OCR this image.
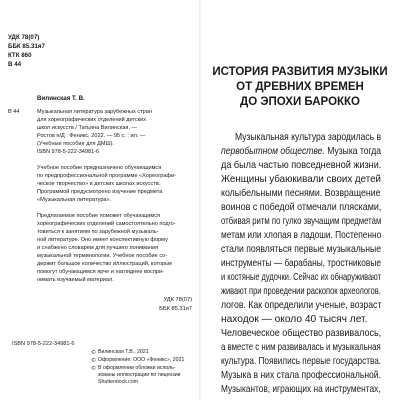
УДК 78(07)
ББК 85.31я7
КТК 860
В 44
Вилинская Т. В.
В 44	Музыкальная литература зарубежных стран
для хореографических отделений детских
школ искусств / Татьяна Вилинская. —
Ростов н/Д : Феникс, 2022. — 95 с. : ил. —
(Учебные пособия для ДМШ).
ISBN 978-5-222-34981-6
Учебное пособие предназначено обучающимся
по предпрофессиональной программе «Хореографи-
ческое творчество» в детских школах искусств.
Программой предусмотрено изучение предмета
«Музыкальная литература».
Предлагаемое пособие поможет обучающимся
хореографических отделений самостоятельно подго-
товиться к занятиям по зарубежной музыкаль-
ной литературе. Оно имеет конспективную форму
и снабжено словарем для лучшего понимания
музыкальной терминологии. Учебное пособие со-
держит большое количество иллюстраций, которые
помогут обучающимся ярче и нагляднее воспри-
нимать изучаемый материал.
УДК 78(07)
ББК 85.31я7
ISBN 978-5-222-34981-6
© Вилинская Т.В., 2021
© Оформление: ООО «Феникс», 2021
© В оформлении обложки исполь-
зованы иллюстрации по лицензии
Shutterstock.com
ИСТОРИЯ РАЗВИТИЯ МУЗЫКИ
ОТ ДРЕВНИХ ВРЕМЕН
ДО ЭПОХИ БАРОККО
Музыкальная культура зародилась в
первобытном обществе. Музыка тогда
да была частью повседневной жизни.
Женщины убаюкивали своих детей
колыбельными песнями. Возвращение
воинов с победой отмечали плясками,
отбивая ритм по гулко звучащим предметам
метам или хлопая в ладоши. Постепенно
стали появляться первые музыкальные
инструменты — барабаны, тростниковые
и костяные дудочки. Сейчас их обнаруживают
живают при проведении раскопок археологов.
логов. Как определили ученые, возраст
находок — около 40 тысяч лет.
Человеческое общество развивалось,
а вместе с ним развивалась и музыкальная
культура. Появились первые государства.
Музыка в них стала профессиональной.
Музыкантов, играющих на инструментах,
